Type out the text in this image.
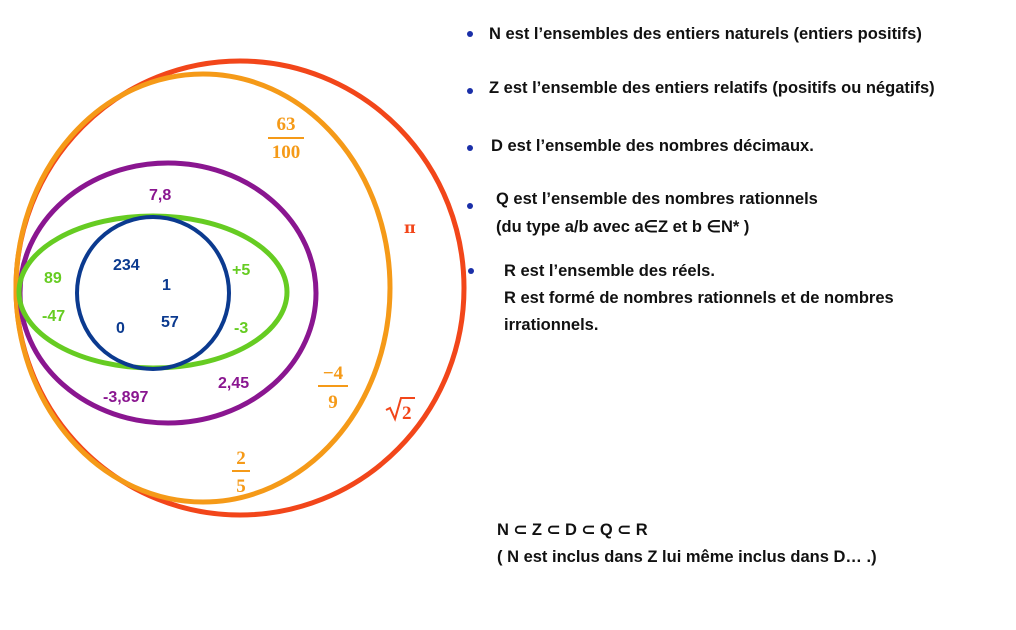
234
1
0 57
89
-47
+5
-3
7,8
-3,897
2,45
63
100
−4
9
2
5
π
2
N est l’ensembles des entiers naturels (entiers positifs)
Z est l’ensemble des entiers relatifs (positifs ou négatifs)
D est l’ensemble des nombres décimaux.
Q est l’ensemble des nombres rationnels
(du type a/b avec a∈Z et b ∈N* )
R est l’ensemble des réels.
R est formé de nombres rationnels et de nombres
irrationnels.
N ⊂ Z ⊂ D ⊂ Q ⊂ R
( N est inclus dans Z lui même inclus dans D… .)
